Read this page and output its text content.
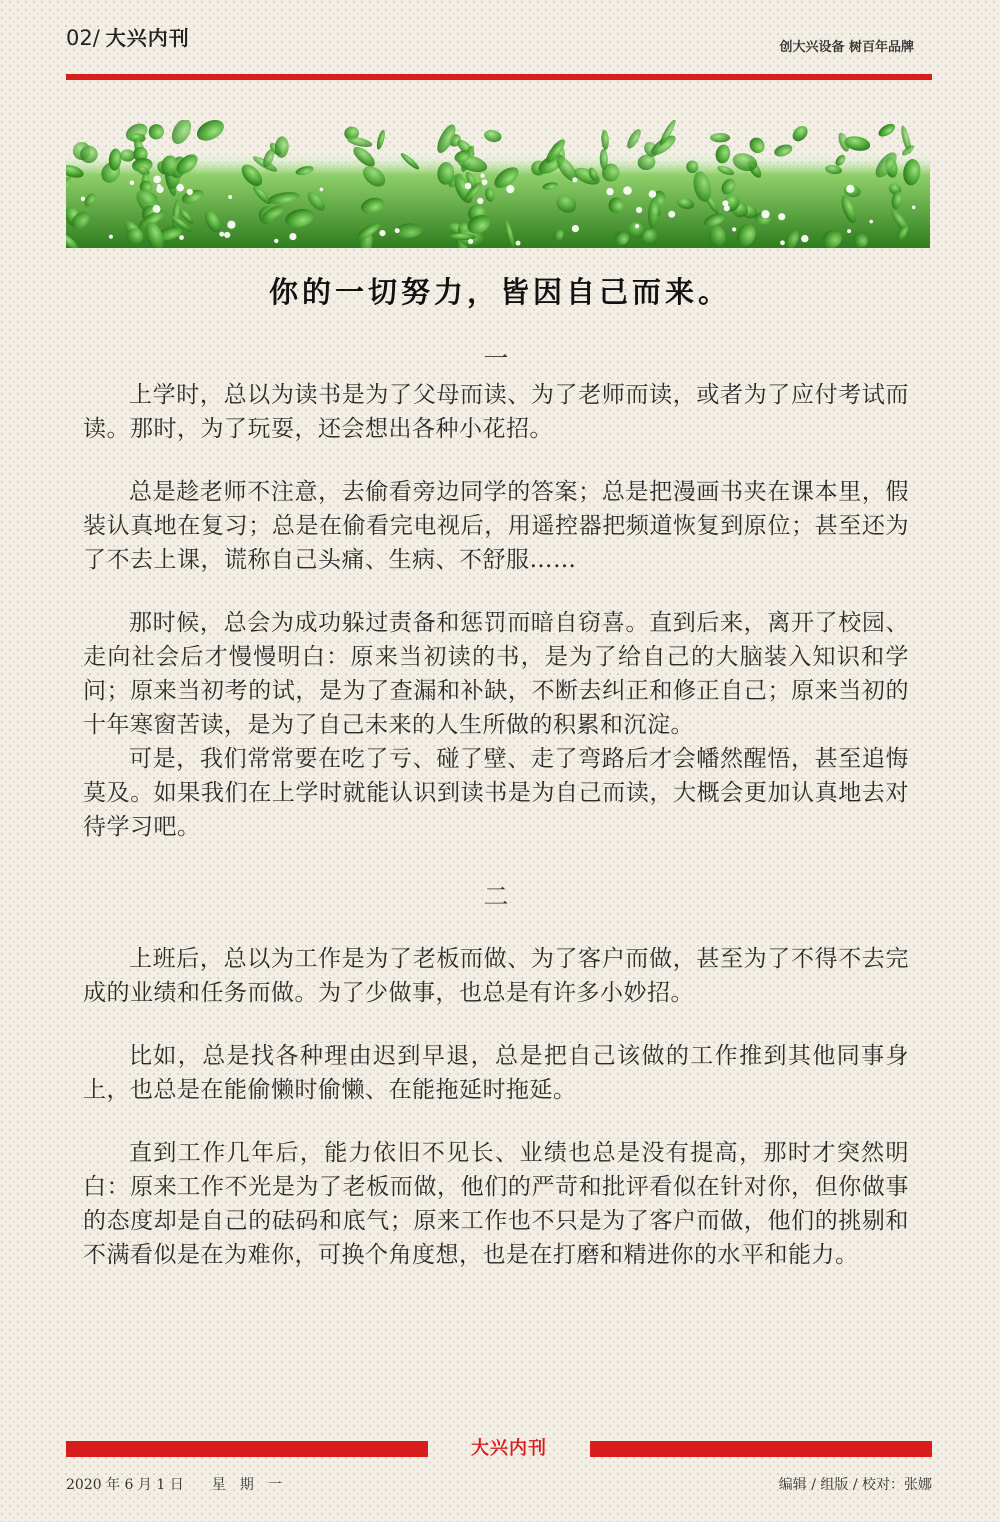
02/ 大兴内刊	创大兴设备 树百年品牌
你的一切努力，皆因自己而来。
一

上学时，总以为读书是为了父母而读、为了老师而读，或者为了应付考试而读。那时，为了玩耍，还会想出各种小花招。

总是趁老师不注意，去偷看旁边同学的答案；总是把漫画书夹在课本里，假装认真地在复习；总是在偷看完电视后，用遥控器把频道恢复到原位；甚至还为了不去上课，谎称自己头痛、生病、不舒服……

那时候，总会为成功躲过责备和惩罚而暗自窃喜。直到后来，离开了校园、走向社会后才慢慢明白：原来当初读的书，是为了给自己的大脑装入知识和学问；原来当初考的试，是为了查漏和补缺，不断去纠正和修正自己；原来当初的十年寒窗苦读，是为了自己未来的人生所做的积累和沉淀。

可是，我们常常要在吃了亏、碰了壁、走了弯路后才会幡然醒悟，甚至追悔莫及。如果我们在上学时就能认识到读书是为自己而读，大概会更加认真地去对待学习吧。

二

上班后，总以为工作是为了老板而做、为了客户而做，甚至为了不得不去完成的业绩和任务而做。为了少做事，也总是有许多小妙招。

比如，总是找各种理由迟到早退，总是把自己该做的工作推到其他同事身上，也总是在能偷懒时偷懒、在能拖延时拖延。

直到工作几年后，能力依旧不见长、业绩也总是没有提高，那时才突然明白：原来工作不光是为了老板而做，他们的严苛和批评看似在针对你，但你做事的态度却是自己的砝码和底气；原来工作也不只是为了客户而做，他们的挑剔和不满看似是在为难你，可换个角度想，也是在打磨和精进你的水平和能力。

大兴内刊
2020 年 6 月 1 日　　星　期　一	编辑 / 组版 / 校对：张娜
